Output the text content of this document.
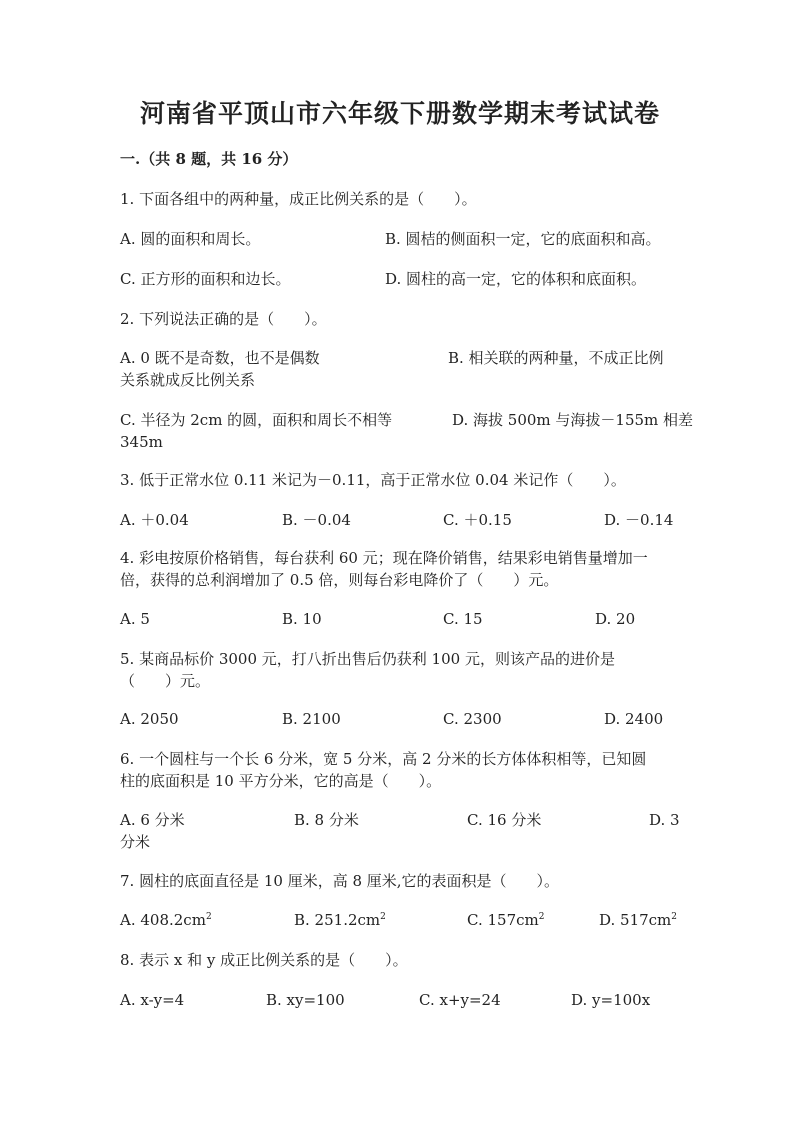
河南省平顶山市六年级下册数学期末考试试卷
一.（共 8 题，共 16 分）
1. 下面各组中的两种量，成正比例关系的是（　　）。
A. 圆的面积和周长。	B. 圆桔的侧面积一定，它的底面积和高。
C. 正方形的面积和边长。	D. 圆柱的高一定，它的体积和底面积。
2. 下列说法正确的是（　　）。
A. 0 既不是奇数，也不是偶数	B. 相关联的两种量，不成正比例
关系就成反比例关系
C. 半径为 2cm 的圆，面积和周长不相等	D. 海拔 500m 与海拔－155m 相差
345m
3. 低于正常水位 0.11 米记为－0.11，高于正常水位 0.04 米记作（　　）。
A. ＋0.04	B. －0.04	C. ＋0.15	D. －0.14
4. 彩电按原价格销售，每台获利 60 元；现在降价销售，结果彩电销售量增加一
倍，获得的总利润增加了 0.5 倍，则每台彩电降价了（　　）元。
A. 5	B. 10	C. 15	D. 20
5. 某商品标价 3000 元，打八折出售后仍获利 100 元，则该产品的进价是
（　　）元。
A. 2050	B. 2100	C. 2300	D. 2400
6. 一个圆柱与一个长 6 分米，宽 5 分米，高 2 分米的长方体体积相等，已知圆
柱的底面积是 10 平方分米，它的高是（　　）。
A. 6 分米	B. 8 分米	C. 16 分米	D. 3
分米
7. 圆柱的底面直径是 10 厘米，高 8 厘米,它的表面积是（　　）。
A. $408.2cm^2$	B. $251.2cm^2$	C. $157cm^2$	D. $517cm^2$
8. 表示 x 和 y 成正比例关系的是（　　）。
A. x-y=4	B. xy=100	C. x+y=24	D. y=100x
